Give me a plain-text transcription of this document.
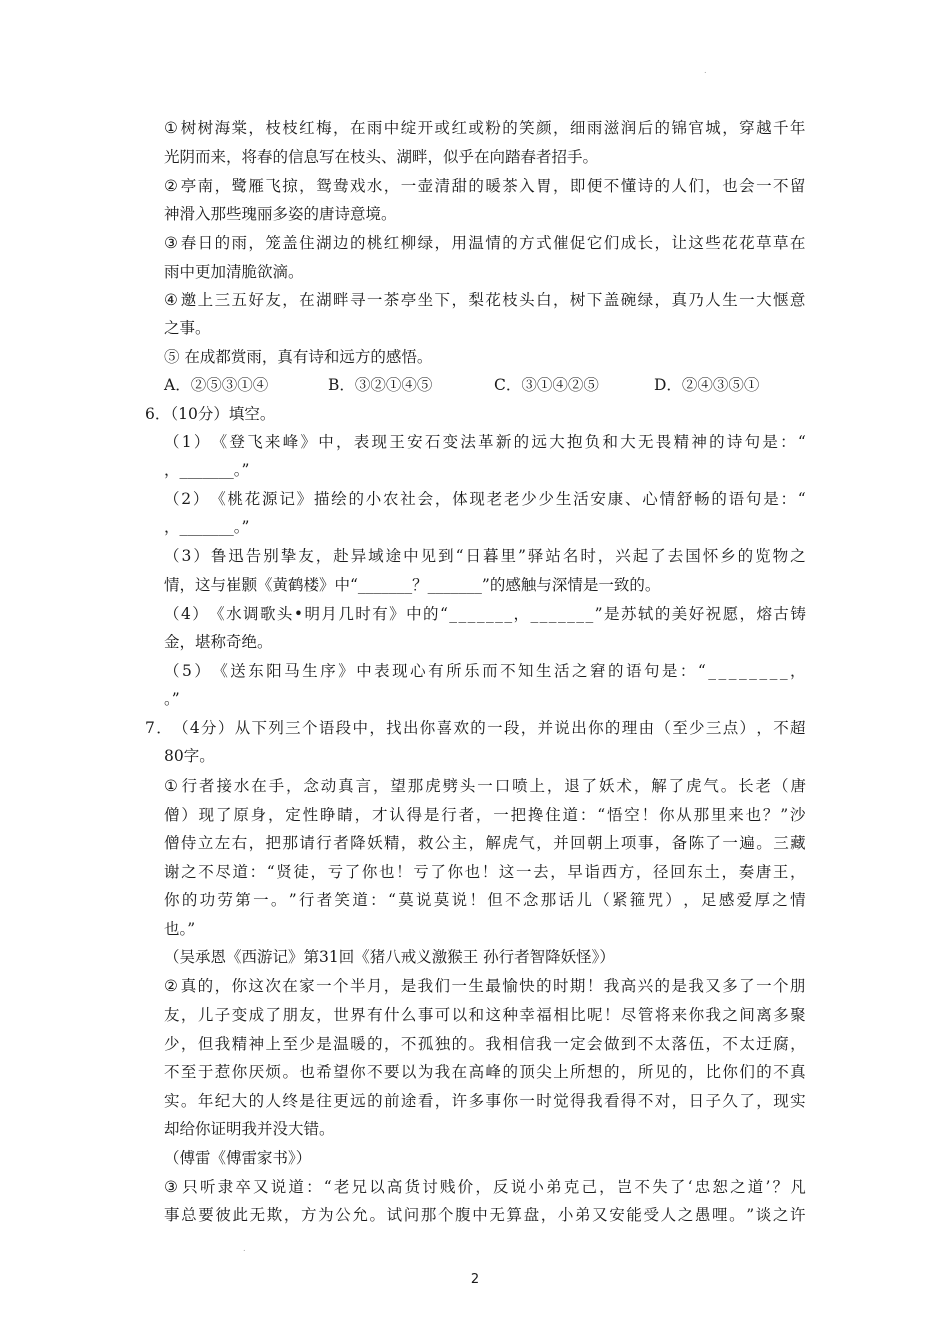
.
① 树 树 海 棠 ， 枝 枝 红 梅 ， 在 雨 中 绽 开 或 红 或 粉 的 笑 颜 ， 细 雨 滋 润 后 的 锦 官 城 ， 穿 越 千 年
光阴而来，将春的信息写在枝头、湖畔，似乎在向踏春者招手。
② 亭 南 ， 鹭 雁 飞 掠 ， 鸳 鸯 戏 水 ， 一 壶 清 甜 的 暖 茶 入 胃 ， 即 便 不 懂 诗 的 人 们 ， 也 会 一 不 留
神滑入那些瑰丽多姿的唐诗意境。
③ 春 日 的 雨 ， 笼 盖 住 湖 边 的 桃 红 柳 绿 ， 用 温 情 的 方 式 催 促 它 们 成 长 ， 让 这 些 花 花 草 草 在
雨中更加清脆欲滴。
④ 邀 上 三 五 好 友 ， 在 湖 畔 寻 一 茶 亭 坐 下 ， 梨 花 枝 头 白 ， 树 下 盖 碗 绿 ， 真 乃 人 生 一 大 惬 意
之事。
⑤ 在成都赏雨，真有诗和远方的感悟。
A．②⑤③①④	B．③②①④⑤	C．③①④②⑤	D．②④③⑤①
6．（10分）填空。
（ 1 ） 《 登 飞 来 峰 》 中 ， 表 现 王 安 石 变 法 革 新 的 远 大 抱 负 和 大 无 畏 精 神 的 诗 句 是 ： “
，_______。”
（ 2 ） 《 桃 花 源 记 》 描 绘 的 小 农 社 会 ， 体 现 老 老 少 少 生 活 安 康 、 心 情 舒 畅 的 语 句 是 ： “
，_______。”
（ 3 ） 鲁 迅 告 别 挚 友 ， 赴 异 域 途 中 见 到 “ 日 暮 里 ” 驿 站 名 时 ， 兴 起 了 去 国 怀 乡 的 览 物 之
情，这与崔颢《黄鹤楼》中“_______？_______”的感触与深情是一致的。
（ 4 ） 《 水 调 歌 头 • 明 月 几 时 有 》 中 的 “ _ _ _ _ _ _ _ ， _ _ _ _ _ _ _ ” 是 苏 轼 的 美 好 祝 愿 ， 熔 古 铸
金，堪称奇绝。
（ 5 ） 《 送 东 阳 马 生 序 》 中 表 现 心 有 所 乐 而 不 知 生 活 之 窘 的 语 句 是 ： “ _ _ _ _ _ _ _ _ ，
。”
7 ． （ 4 分 ） 从 下 列 三 个 语 段 中 ， 找 出 你 喜 欢 的 一 段 ， 并 说 出 你 的 理 由 （ 至 少 三 点 ） ， 不 超
80字。
① 行 者 接 水 在 手 ， 念 动 真 言 ， 望 那 虎 劈 头 一 口 喷 上 ， 退 了 妖 术 ， 解 了 虎 气 。 长 老 （ 唐
僧 ） 现 了 原 身 ， 定 性 睁 睛 ， 才 认 得 是 行 者 ， 一 把 搀 住 道 ： “ 悟 空 ！ 你 从 那 里 来 也 ？ ” 沙
僧 侍 立 左 右 ， 把 那 请 行 者 降 妖 精 ， 救 公 主 ， 解 虎 气 ， 并 回 朝 上 项 事 ， 备 陈 了 一 遍 。 三 藏
谢 之 不 尽 道 ： “ 贤 徒 ， 亏 了 你 也 ！ 亏 了 你 也 ！ 这 一 去 ， 早 诣 西 方 ， 径 回 东 土 ， 奏 唐 王 ，
你 的 功 劳 第 一 。 ” 行 者 笑 道 ： “ 莫 说 莫 说 ！ 但 不 念 那 话 儿 （ 紧 箍 咒 ） ， 足 感 爱 厚 之 情
也。”
（吴承恩《西游记》第31回《猪八戒义激猴王 孙行者智降妖怪》）
② 真 的 ， 你 这 次 在 家 一 个 半 月 ， 是 我 们 一 生 最 愉 快 的 时 期 ！ 我 高 兴 的 是 我 又 多 了 一 个 朋
友 ， 儿 子 变 成 了 朋 友 ， 世 界 有 什 么 事 可 以 和 这 种 幸 福 相 比 呢 ！ 尽 管 将 来 你 我 之 间 离 多 聚
少 ， 但 我 精 神 上 至 少 是 温 暖 的 ， 不 孤 独 的 。 我 相 信 我 一 定 会 做 到 不 太 落 伍 ， 不 太 迂 腐 ，
不 至 于 惹 你 厌 烦 。 也 希 望 你 不 要 以 为 我 在 高 峰 的 顶 尖 上 所 想 的 ， 所 见 的 ， 比 你 们 的 不 真
实 。 年 纪 大 的 人 终 是 往 更 远 的 前 途 看 ， 许 多 事 你 一 时 觉 得 我 看 得 不 对 ， 日 子 久 了 ， 现 实
却给你证明我并没大错。
（傅雷《傅雷家书》）
③ 只 听 隶 卒 又 说 道 ： “ 老 兄 以 高 货 讨 贱 价 ， 反 说 小 弟 克 己 ， 岂 不 失 了 ‘ 忠 恕 之 道 ’ ？ 凡
事 总 要 彼 此 无 欺 ， 方 为 公 允 。 试 问 那 个 腹 中 无 算 盘 ， 小 弟 又 安 能 受 人 之 愚 哩 。 ” 谈 之 许
.
2
